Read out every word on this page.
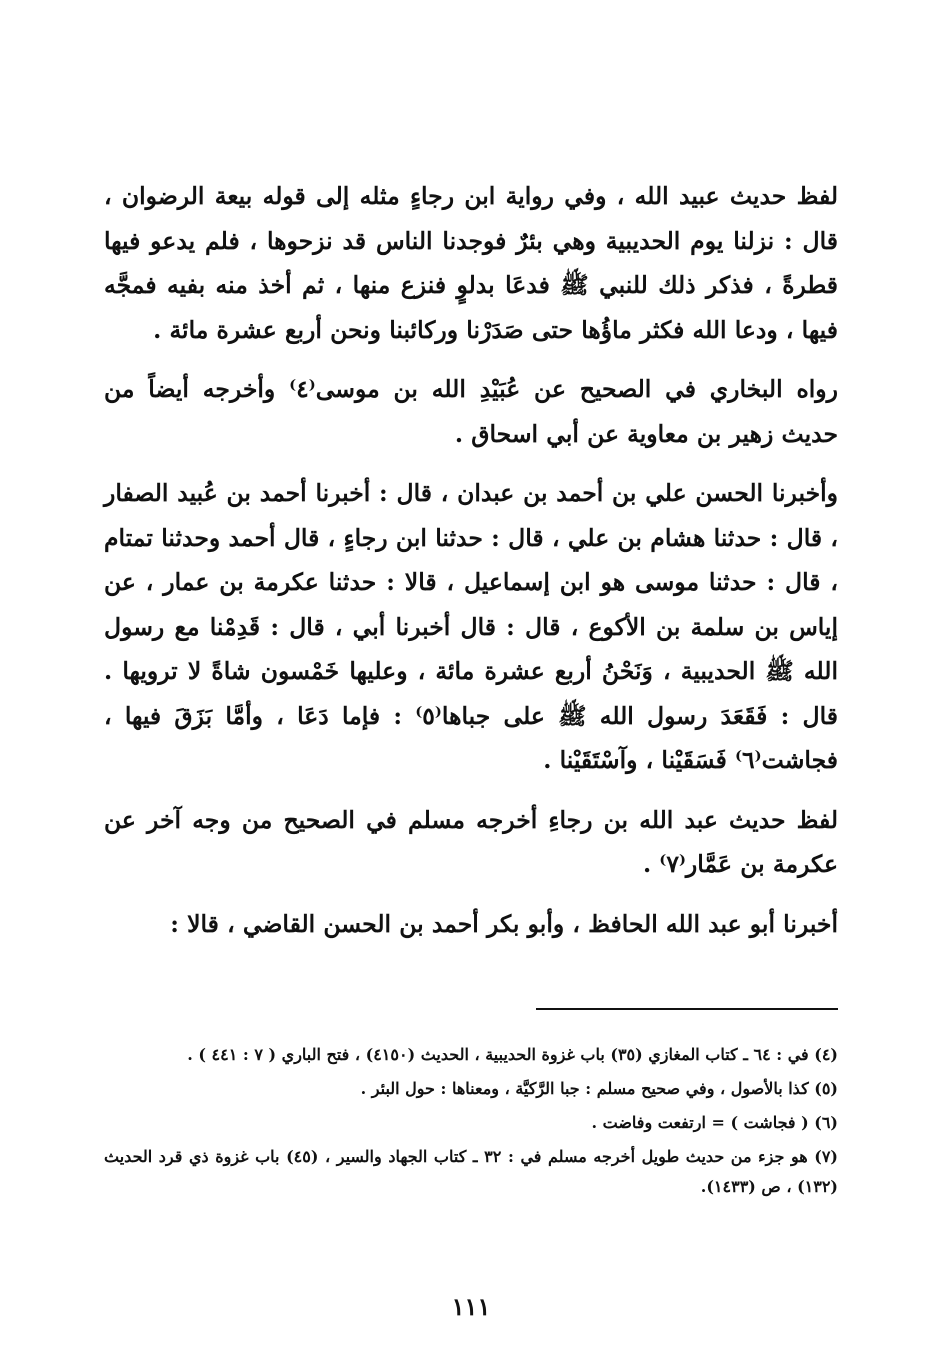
لفظ حديث عبيد الله ، وفي رواية ابن رجاءٍ مثله إلى قوله بيعة الرضوان ، قال : نزلنا يوم الحديبية وهي بئرٌ فوجدنا الناس قد نزحوها ، فلم يدعو فيها قطرةً ، فذكر ذلك للنبي ﷺ فدعَا بدلوٍ فنزع منها ، ثم أخذ منه بفيه فمجَّه فيها ، ودعا الله فكثر ماؤُها حتى صَدَرْنا وركائبنا ونحن أربع عشرة مائة .

رواه البخاري في الصحيح عن عُبَيْدِ الله بن موسى⁽٤⁾ وأخرجه أيضاً من حديث زهير بن معاوية عن أبي اسحاق .

وأخبرنا الحسن علي بن أحمد بن عبدان ، قال : أخبرنا أحمد بن عُبيد الصفار ، قال : حدثنا هشام بن علي ، قال : حدثنا ابن رجاءٍ ، قال أحمد وحدثنا تمتام ، قال : حدثنا موسى هو ابن إسماعيل ، قالا : حدثنا عكرمة بن عمار ، عن إياس بن سلمة بن الأكوع ، قال : قال أخبرنا أبي ، قال : قَدِمْنا مع رسول الله ﷺ الحديبية ، وَنَحْنُ أربع عشرة مائة ، وعليها خَمْسون شاةً لا ترويها . قال : فَقَعَدَ رسول الله ﷺ على جباها⁽٥⁾ : فإما دَعَا ، وأمَّا بَزَقَ فيها ، فجاشت⁽٦⁾ فَسَقَيْنا ، وآسْتَقَيْنا .

لفظ حديث عبد الله بن رجاءِ أخرجه مسلم في الصحيح من وجه آخر عن عكرمة بن عَمَّار⁽٧⁾ .

أخبرنا أبو عبد الله الحافظ ، وأبو بكر أحمد بن الحسن القاضي ، قالا :

(٤) في : ٦٤ ـ كتاب المغازي (٣٥) باب غزوة الحديبية ، الحديث (٤١٥٠) ، فتح الباري ( ٧ : ٤٤١ ) .

(٥) كذا بالأصول ، وفي صحيح مسلم : جبا الرَّكيَّة ، ومعناها : حول البئر .

(٦) ( فجاشت ) = ارتفعت وفاضت .

(٧) هو جزء من حديث طويل أخرجه مسلم في : ٣٢ ـ كتاب الجهاد والسير ، (٤٥) باب غزوة ذي قرد الحديث (١٣٢) ، ص (١٤٣٣).

١١١
